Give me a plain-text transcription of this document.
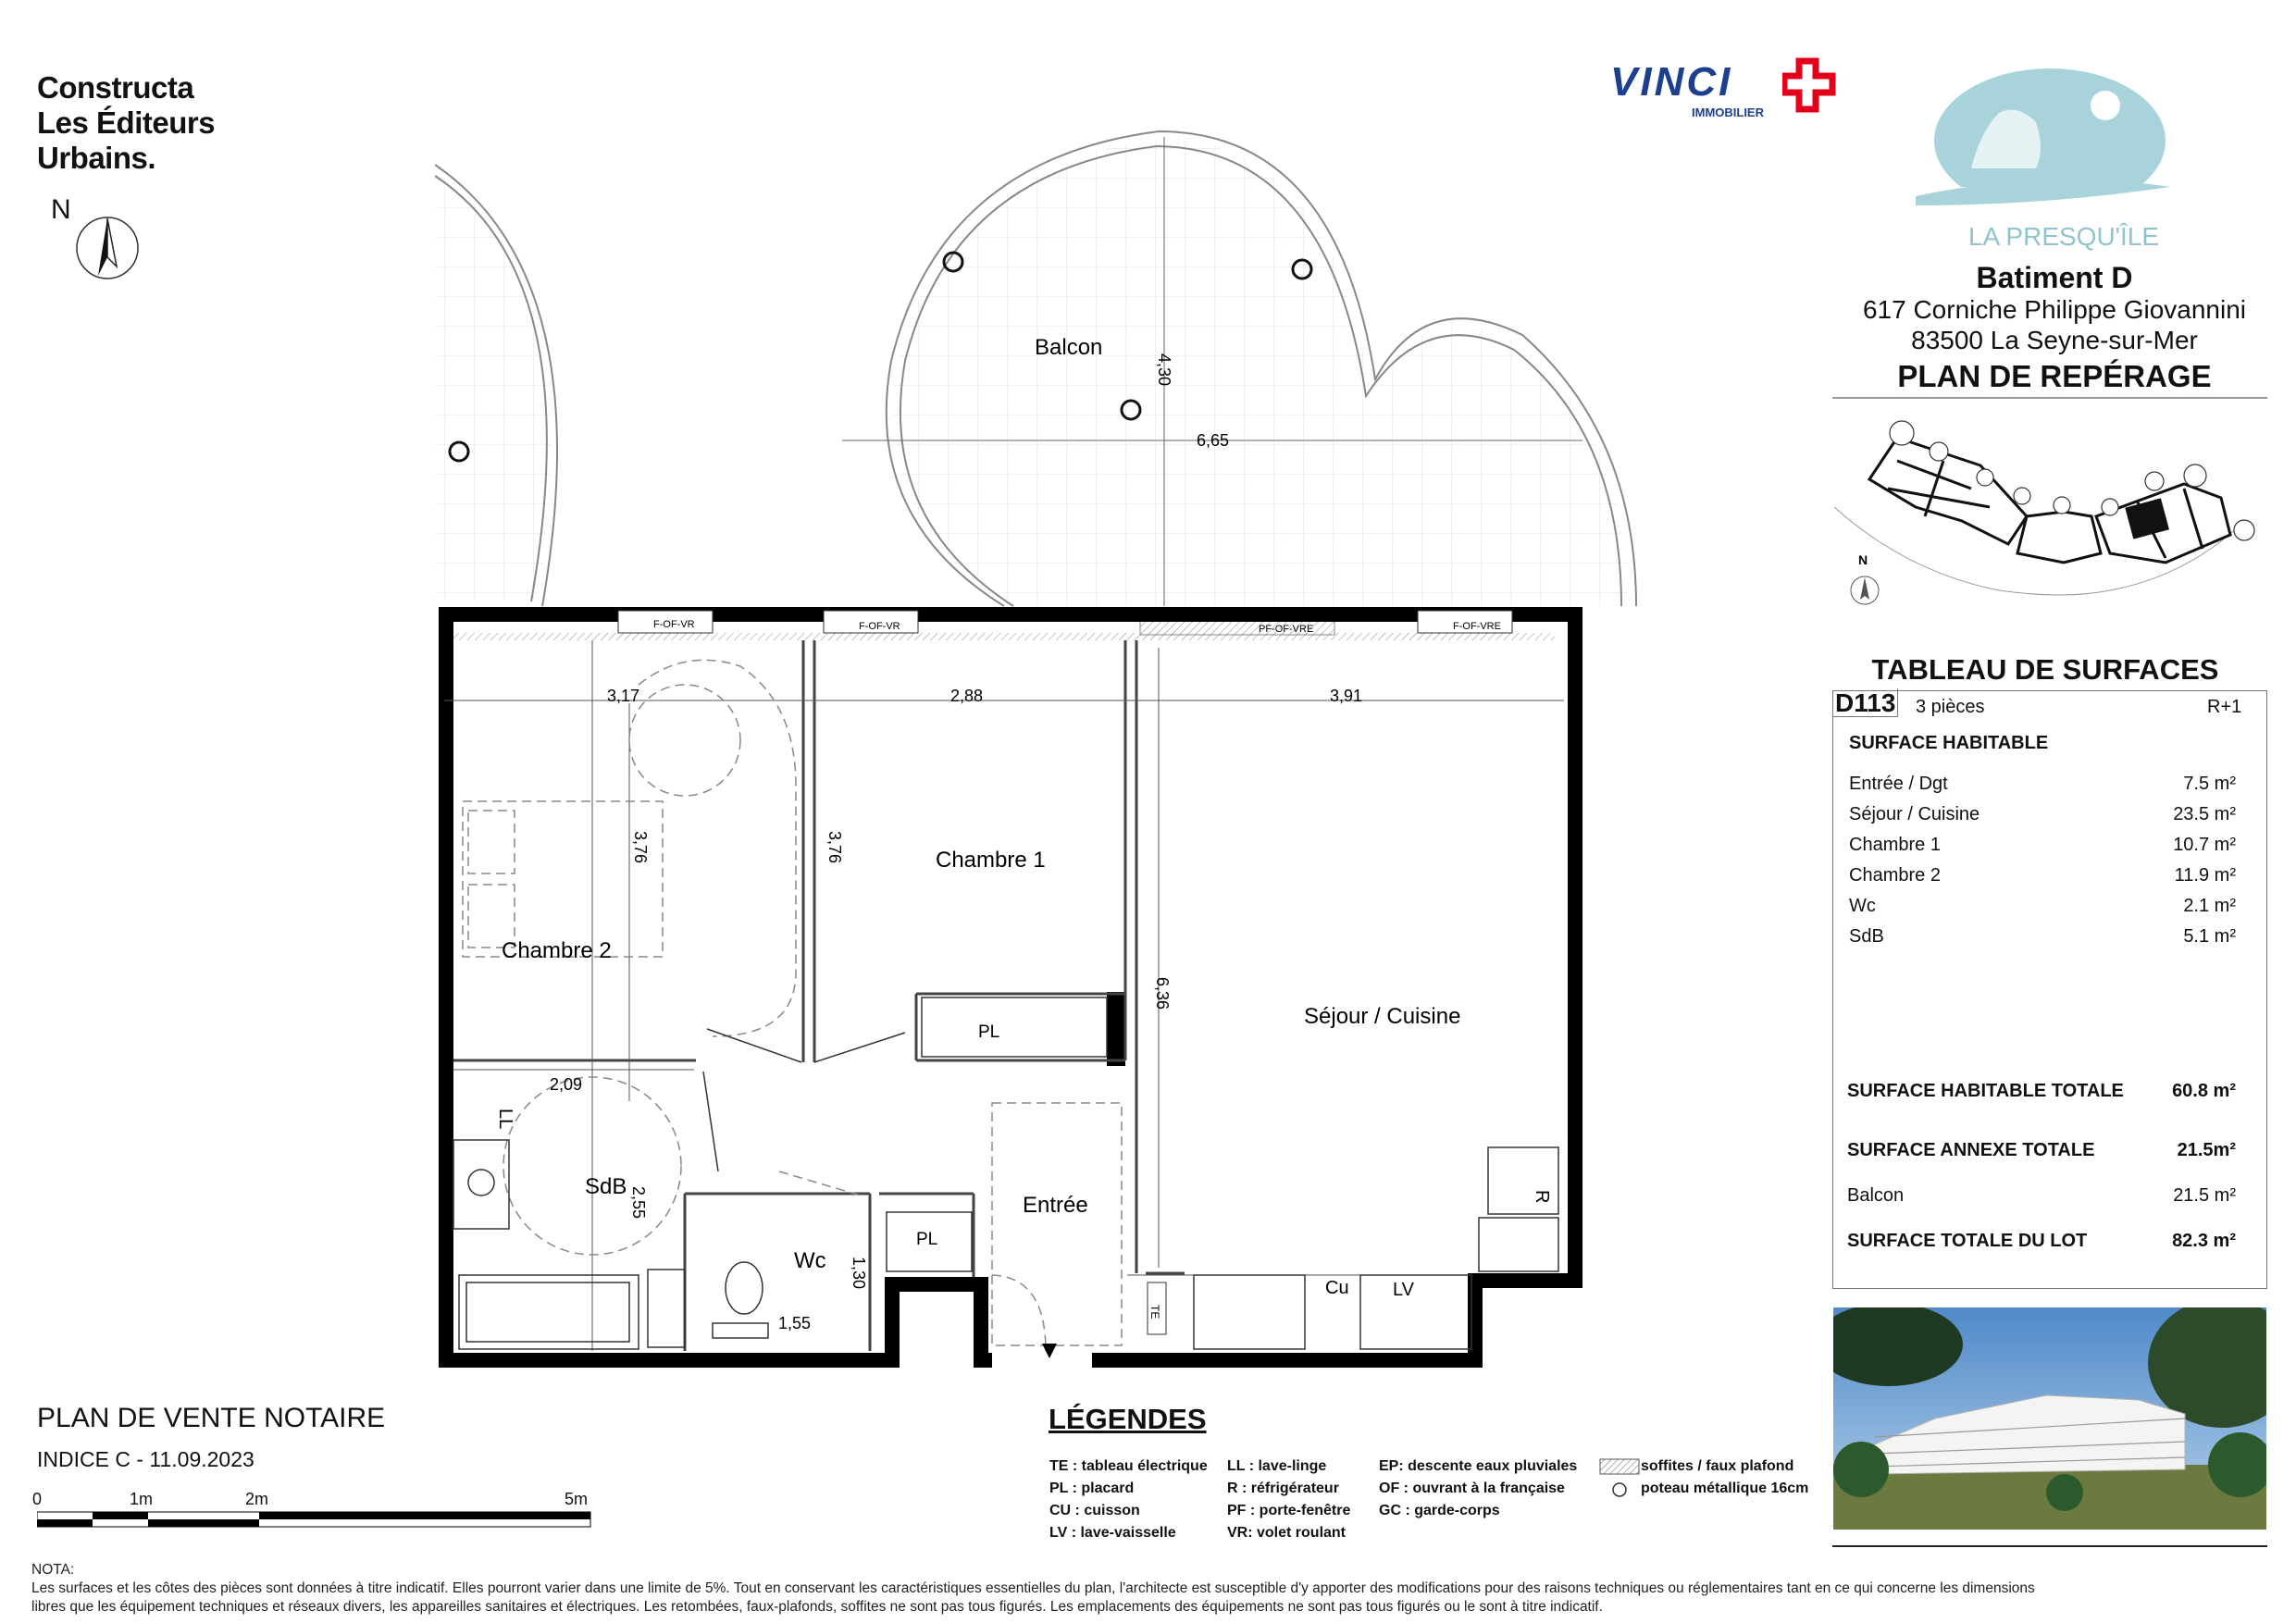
Constructa
Les Éditeurs
Urbains.
N
VINCI
IMMOBILIER
LA PRESQU'ÎLE
Batiment D
617 Corniche Philippe Giovannini
83500 La Seyne-sur-Mer
PLAN DE REPÉRAGE
N
TABLEAU DE SURFACES
D113 3 pièces	R+1
SURFACE HABITABLE
Entrée / Dgt	7.5 m²
Séjour / Cuisine	23.5 m²
Chambre 1	10.7 m²
Chambre 2	11.9 m²
Wc	2.1 m²
SdB	5.1 m²
SURFACE HABITABLE TOTALE	60.8 m²
SURFACE ANNEXE TOTALE	21.5m²
Balcon	21.5 m²
SURFACE TOTALE DU LOT	82.3 m²
F-OF-VR	F-OF-VR	PF-OF-VRE	F-OF-VRE
Balcon
Chambre 1
Chambre 2
Séjour / Cuisine
Entrée
SdB
Wc
PL
PL
Cu LV
LL
R
TE
4,30
6,65
3,17	2,88	3,91
3,76	3,76
6,36
2,09
2,55
1,30
1,55
PLAN DE VENTE NOTAIRE
INDICE C - 11.09.2023
0	1m	2m	5m
LÉGENDES
TE : tableau électrique
PL : placard
CU : cuisson
LV : lave-vaisselle
LL : lave-linge
R : réfrigérateur
PF : porte-fenêtre
VR: volet roulant
EP: descente eaux pluviales
OF : ouvrant à la française
GC : garde-corps
soffites / faux plafond
poteau métallique 16cm
NOTA:
Les surfaces et les côtes des pièces sont données à titre indicatif. Elles pourront varier dans une limite de 5%. Tout en conservant les caractéristiques essentielles du plan, l'architecte est susceptible d'y apporter des modifications pour des raisons techniques ou réglementaires tant en ce qui concerne les dimensions
libres que les équipement techniques et réseaux divers, les appareilles sanitaires et électriques. Les retombées, faux-plafonds, soffites ne sont pas tous figurés. Les emplacements des équipements ne sont pas tous figurés ou le sont à titre indicatif.
